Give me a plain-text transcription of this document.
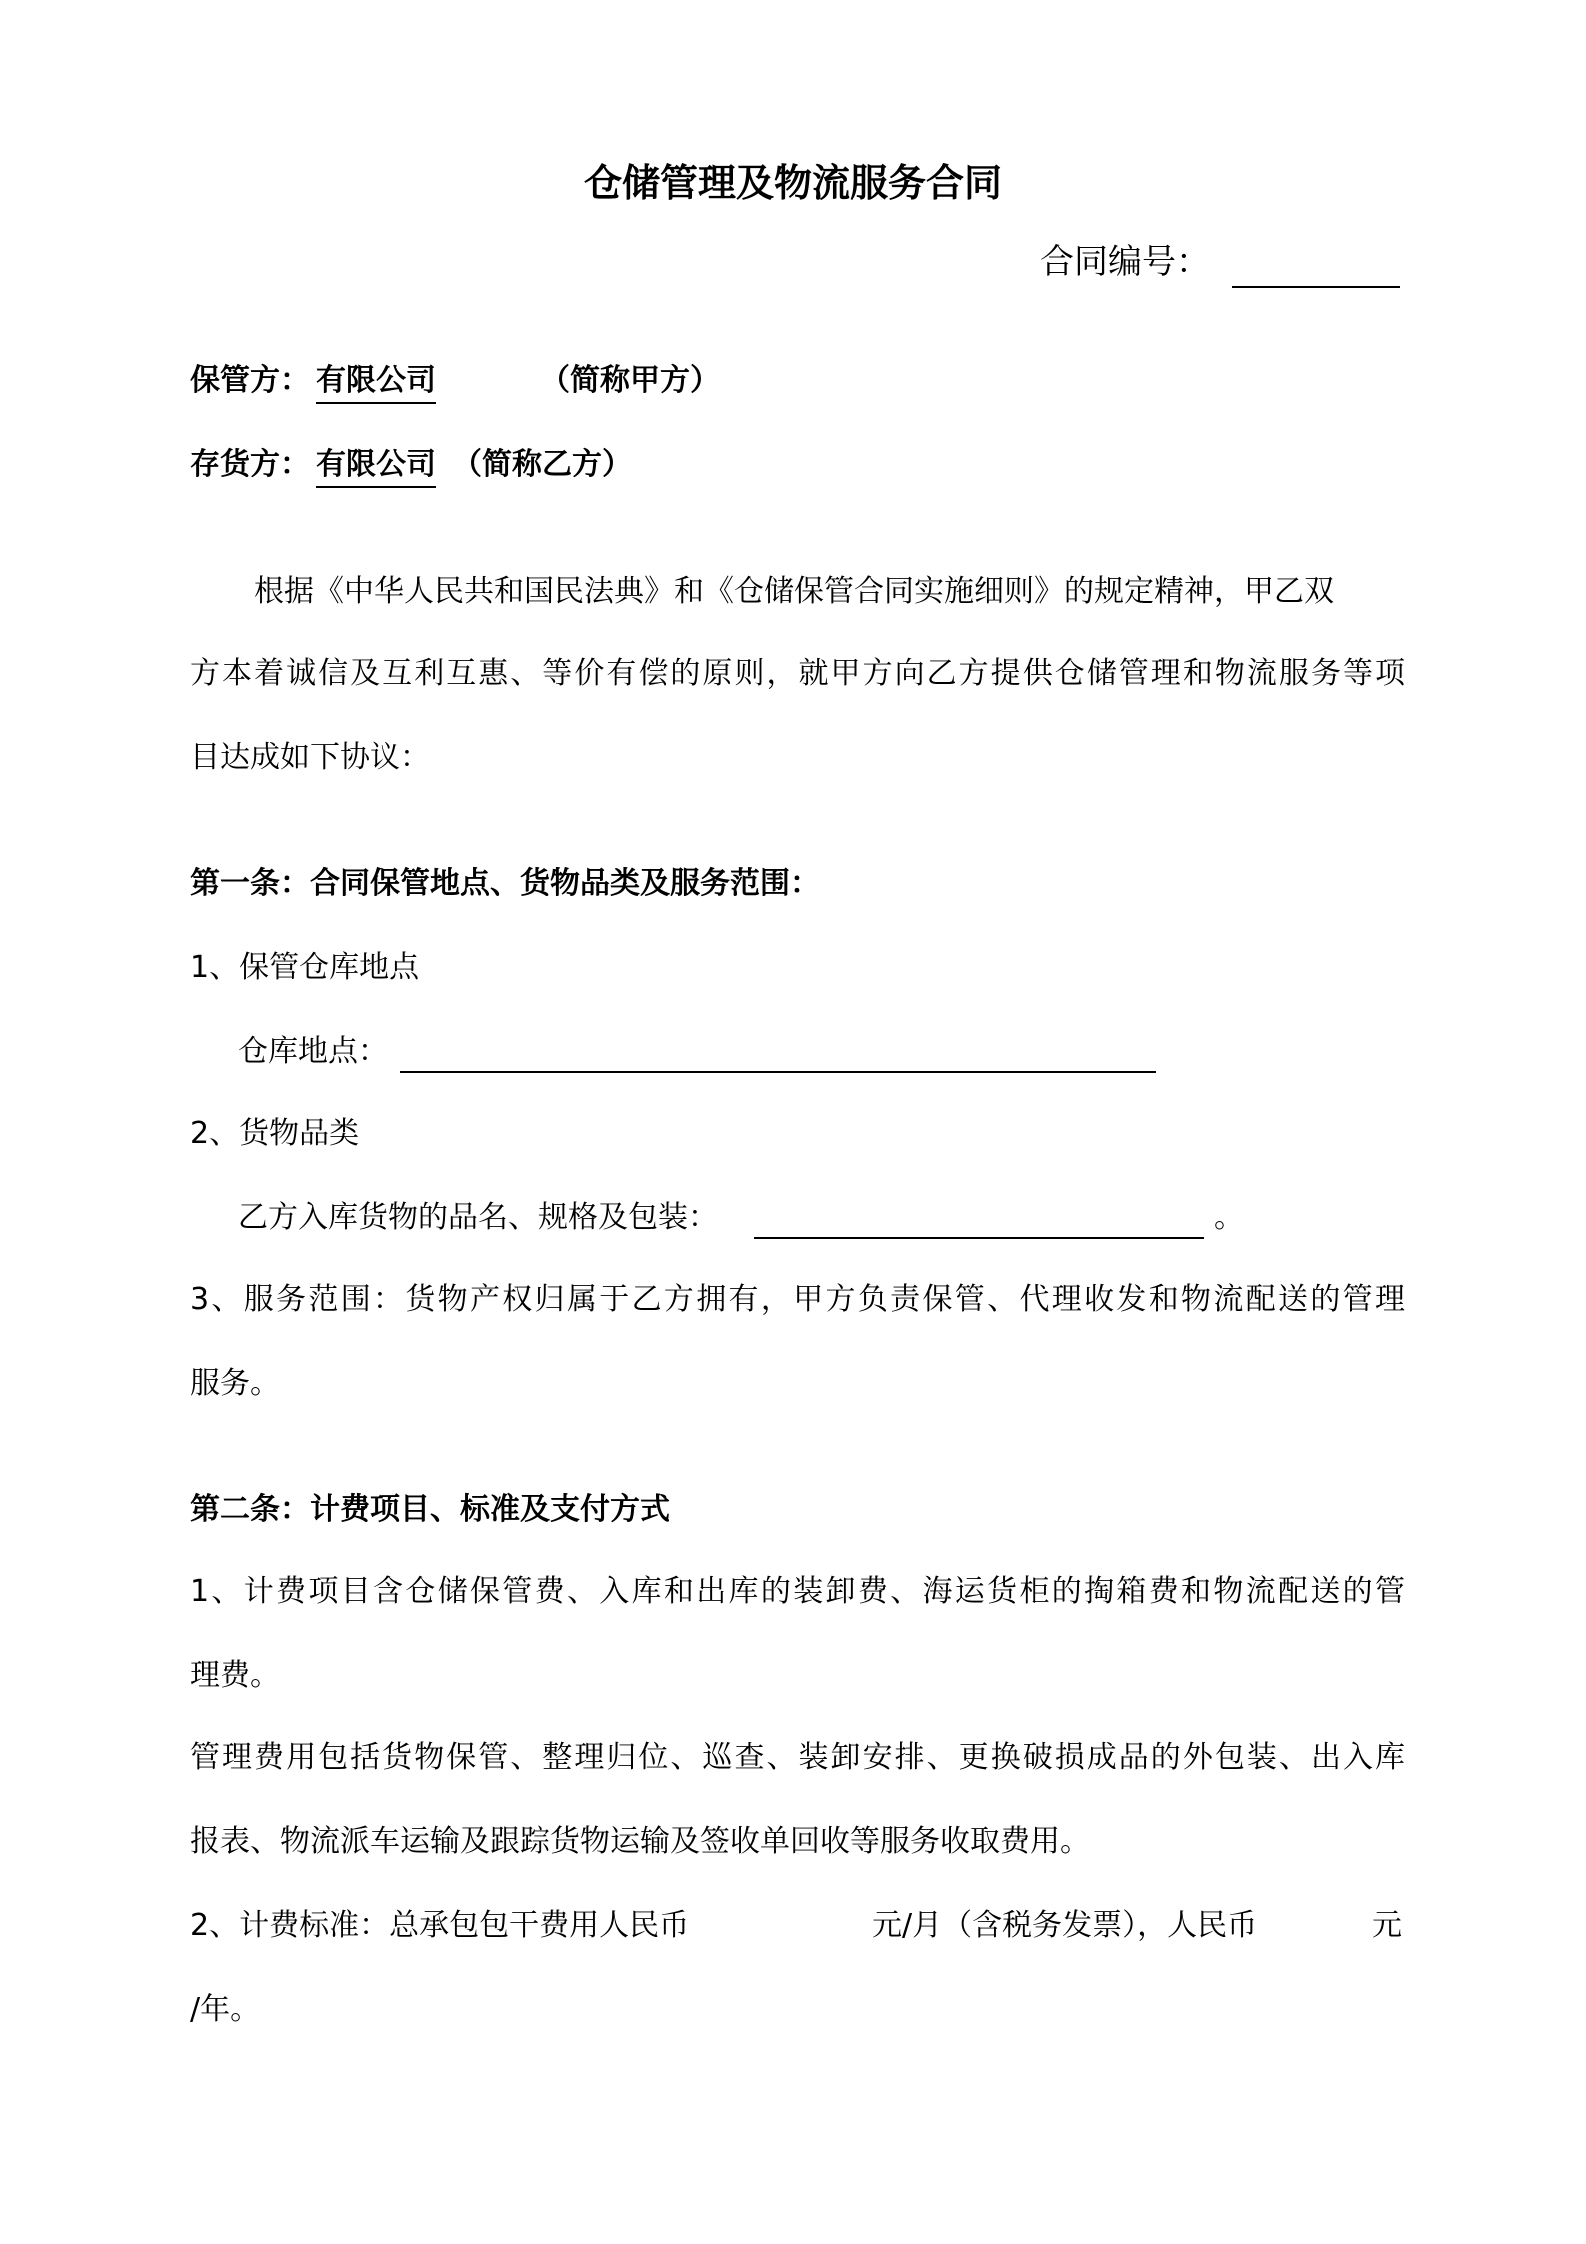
仓储管理及物流服务合同
合同编号：
保管方： 有限公司	（简称甲方）
存货方： 有限公司 （简称乙方）
根据《中华人民共和国民法典》和《仓储保管合同实施细则》的规定精神，甲乙双
方本着诚信及互利互惠、等价有偿的原则，就甲方向乙方提供仓储管理和物流服务等项
目达成如下协议：
第一条：合同保管地点、货物品类及服务范围：
1、保管仓库地点
仓库地点：
2、货物品类
乙方入库货物的品名、规格及包装：	。
3、服务范围：货物产权归属于乙方拥有，甲方负责保管、代理收发和物流配送的管理
服务。
第二条：计费项目、标准及支付方式
1、计费项目含仓储保管费、入库和出库的装卸费、海运货柜的掏箱费和物流配送的管
理费。
管理费用包括货物保管、整理归位、巡查、装卸安排、更换破损成品的外包装、出入库
报表、物流派车运输及跟踪货物运输及签收单回收等服务收取费用。
2、计费标准：总承包包干费用人民币	元/月（含税务发票），人民币	元
/年。
